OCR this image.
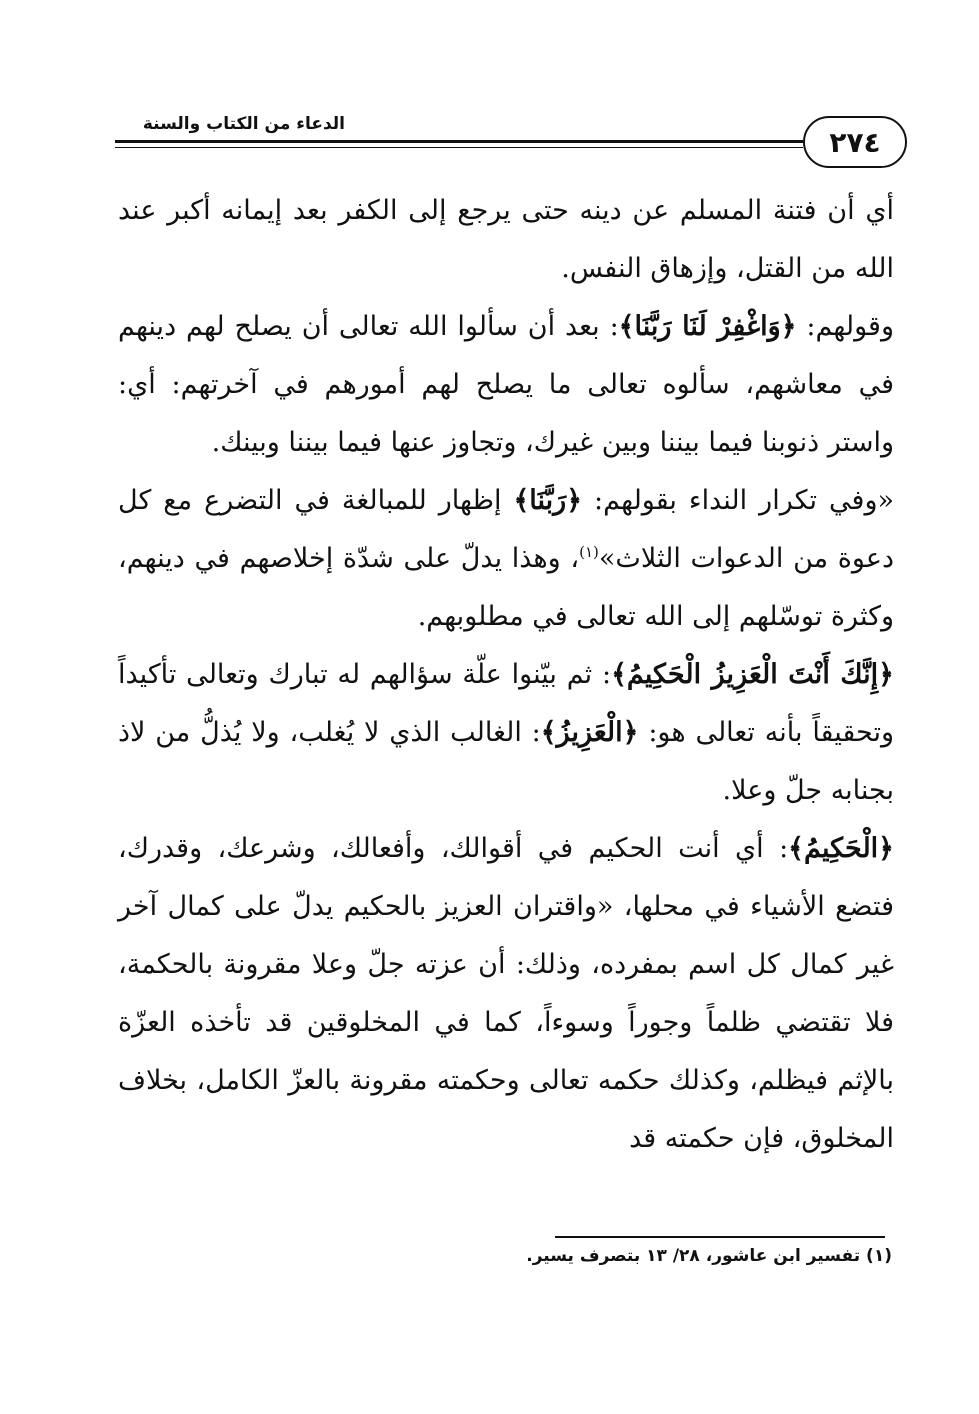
الدعاء من الكتاب والسنة
٢٧٤

أي أن فتنة المسلم عن دينه حتى يرجع إلى الكفر بعد إيمانه أكبر عند الله من القتل، وإزهاق النفس.

وقولهم: ﴿وَاغْفِرْ لَنَا رَبَّنَا﴾: بعد أن سألوا الله تعالى أن يصلح لهم دينهم في معاشهم، سألوه تعالى ما يصلح لهم أمورهم في آخرتهم: أي: واستر ذنوبنا فيما بيننا وبين غيرك، وتجاوز عنها فيما بيننا وبينك.

«وفي تكرار النداء بقولهم: ﴿رَبَّنَا﴾ إظهار للمبالغة في التضرع مع كل دعوة من الدعوات الثلاث»$^{(١)}$، وهذا يدلّ على شدّة إخلاصهم في دينهم، وكثرة توسّلهم إلى الله تعالى في مطلوبهم.

﴿إِنَّكَ أَنْتَ الْعَزِيزُ الْحَكِيمُ﴾: ثم بيّنوا علّة سؤالهم له تبارك وتعالى تأكيداً وتحقيقاً بأنه تعالى هو: ﴿الْعَزِيزُ﴾: الغالب الذي لا يُغلب، ولا يُذلُّ من لاذ بجنابه جلّ وعلا.

﴿الْحَكِيمُ﴾: أي أنت الحكيم في أقوالك، وأفعالك، وشرعك، وقدرك، فتضع الأشياء في محلها، «واقتران العزيز بالحكيم يدلّ على كمال آخر غير كمال كل اسم بمفرده، وذلك: أن عزته جلّ وعلا مقرونة بالحكمة، فلا تقتضي ظلماً وجوراً وسوءاً، كما في المخلوقين قد تأخذه العزّة بالإثم فيظلم، وكذلك حكمه تعالى وحكمته مقرونة بالعزّ الكامل، بخلاف المخلوق، فإن حكمته قد

(١) تفسير ابن عاشور، ٢٨/ ١٣ بتصرف يسير.
